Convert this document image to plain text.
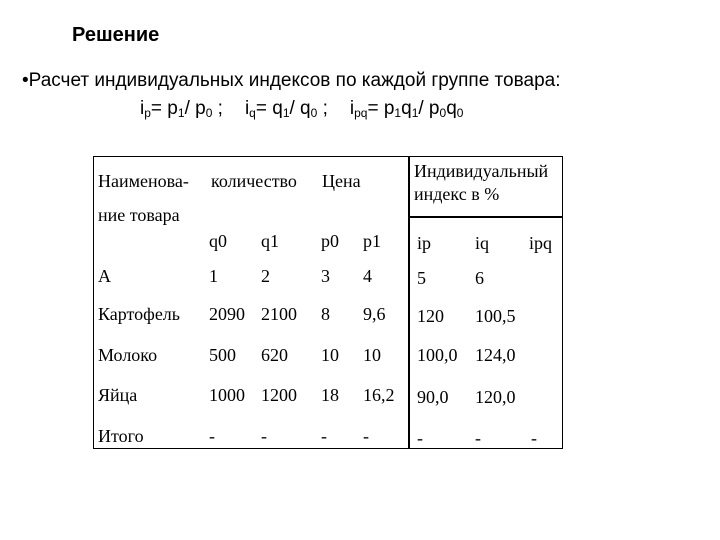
Решение
•Расчет индивидуальных индексов по каждой группе товара:
$i_p= p_1/$ $p_0$ ; $i_q= q_1/$ $q_0$ ; $i_{pq}= p_1q_1/$ $p_0q_0$
Наименова-
ние товара
количество Цена	Индивидуальный
индекс в %
q0 q1 p0 p1 ip iq ipq
А	1 2	3 4	5	6
Картофель 2090 2100 8 9,6 120 100,5
Молоко	500 620 10 10 100,0 124,0
Яйца	1000 1200 18 16,2 90,0 120,0
Итого	-	-	- -	-	-	-
